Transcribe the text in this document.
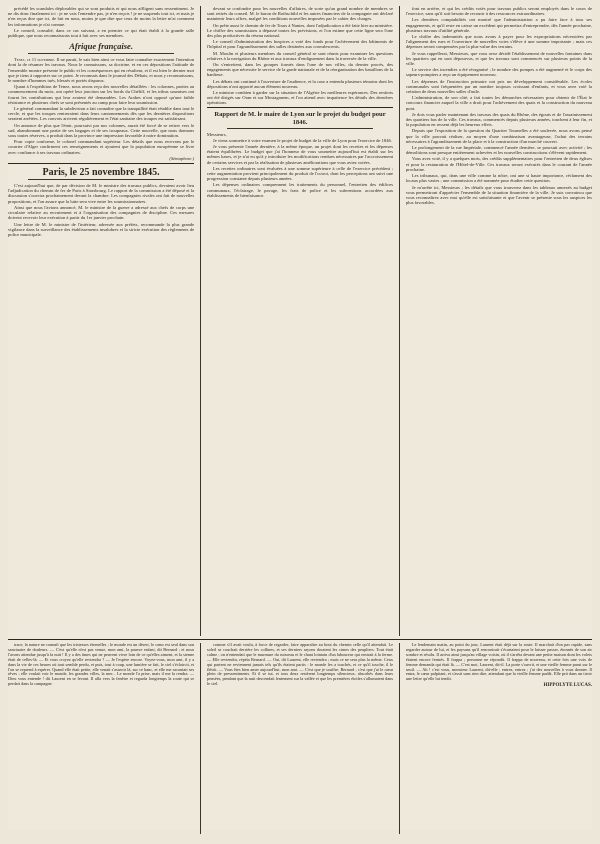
précédé les scandales déplorables qui se sont produits et qui nous affligent sans ressentiment. Je ne dis donc finalement ici : je ne vais l'entendre pas, je n'en reçois ! je ne suspends tout ici, et mais je n'en reçus dire que ici, de fait en nous, moins je que dire que ceux de moins la lettre m'ai comment les informations je n'ai connue.

Le conseil, consulté, dans ce cas suivant, a en premier ce qui était établi à la grande salle publique, que nous reconnaissons tout à fait avec ses membres.

Afrique française.

Tenez, le 11 novembre. Il ne parait, le sais bien ainsi ce vous faire connaître exactement l'intention dont la de résumer les travaux. Nous le connaissons, sa doctrine, et en ces dépositions l'attitude de l'ensemble montre présente le public et les conséquences qui en résultent, et il est bien le dernier mot que je tiens à rapporter sur ce point. Je reconnais dans le journal des Débats, et nous y reconnaissons, le nombre d'hommes tués, blessés et portés disparus.

Quant à l'expédition de Tenez, nous avons reçu des nouvelles détaillées : les colonnes, parties au commencement du mois, ont opéré leur jonction sur les bords du Chéliff, et les tribus soumises ont fourni les contributions qui leur avaient été demandées. Les Arabes n'ont opposé qu'une faible résistance et plusieurs chefs se sont présentés au camp pour faire leur soumission.

Le général commandant la subdivision a fait connaître que la tranquillité était rétablie dans tout le cercle, et que les troupes rentreraient dans leurs cantonnements dès que les dernières dispositions seraient arrêtées. Les convois arrivent régulièrement et l'état sanitaire des troupes est satisfaisant.

On annonce de plus que l'émir, poursuivi par nos colonnes, aurait été forcé de se retirer vers le sud, abandonnant une partie de ses bagages et de ses troupeaux. Cette nouvelle, que nous donnons sous toutes réserves, a produit dans la province une impression favorable à notre domination.

Pour copie conforme, le colonel commandant supérieur. Les détails que nous recevons par le courrier d'Alger confirment ces renseignements et ajoutent que la population européenne se livre avec confiance à ses travaux ordinaires.

(Sémaphore.)
Paris, le 25 novembre 1845.

C'est aujourd'hui que, de par décision de M. le ministre des travaux publics, devaient avoir lieu l'adjudication du chemin de fer de Paris à Strasbourg. Le rapport de la commission a été déposé et la discussion s'ouvrira prochainement devant la chambre. Les compagnies rivales ont fait de nouvelles propositions, et l'on assure que la lutte sera vive entre les soumissionnaires.

Ainsi que nous l'avions annoncé, M. le ministre de la guerre a adressé aux chefs de corps une circulaire relative au recrutement et à l'organisation des compagnies de discipline. Ces mesures doivent recevoir leur exécution à partir du 1er janvier prochain.

Une lettre de M. le ministre de l'intérieur, adressée aux préfets, recommande la plus grande vigilance dans la surveillance des établissements insalubres et la stricte exécution des règlements de police municipale.

devant se confondre pour les nouvelles d'affaires, de sorte qu'un grand nombre de membres se sont retirés du conseil. M. le baron de Rothschild et les autres financiers de la compagnie ont déclaré maintenir leurs offres, malgré les conditions nouvelles imposées par le cahier des charges.

On prête aussi le chemin de fer de Tours à Nantes, dont l'adjudication a été faite hier au ministère. Le chiffre des soumissions a dépassé toutes les prévisions, et l'on estime que cette ligne sera l'une des plus productives du réseau national.

Le conseil d'administration des hospices a voté des fonds pour l'achèvement des bâtiments de l'hôpital et pour l'agrandissement des salles destinées aux convalescents.

M. Moulin et plusieurs membres du conseil général se sont réunis pour examiner les questions relatives à la navigation du Rhône et aux travaux d'endiguement dans la traversée de la ville.

On s'entretient, dans les groupes formés dans l'une de nos villes, du dernier procès, des engagements que nécessite le service de la garde nationale et de la réorganisation des bataillons de la banlieue.

Les débats ont continué à l'ouverture de l'audience, et la cour a entendu plusieurs témoins dont les dépositions n'ont apporté aucun élément nouveau.

Le ministre combien à garder sur la situation de l'Algérie les meilleures espérances. Des renforts ont été dirigés sur Oran et sur Mostaganem, et l'on attend avec impatience les détails des dernières opérations.

Rapport de M. le maire de Lyon sur le projet du budget pour 1846.

Messieurs,

Je viens soumettre à votre examen le projet de budget de la ville de Lyon pour l'exercice de 1846.

Je vous présente l'année dernière, à la même époque, un projet dont les recettes et les dépenses étaient équilibrées. Le budget que j'ai l'honneur de vous soumettre aujourd'hui est établi sur les mêmes bases, et je n'ai eu qu'à y introduire les modifications rendues nécessaires par l'accroissement de certains services et par la réalisation de plusieurs améliorations que vous aviez votées.

Les recettes ordinaires sont évaluées à une somme supérieure à celle de l'exercice précédent ; cette augmentation provient principalement du produit de l'octroi, dont les perceptions ont suivi une progression constante depuis plusieurs années.

Les dépenses ordinaires comprennent les traitements du personnel, l'entretien des édifices communaux, l'éclairage, le pavage, les frais de police et les subventions accordées aux établissements de bienfaisance.

font en arrière, et qui les crédits votés pour travaux publics seront employés dans le cours de l'exercice, sans qu'il soit besoin de recourir à des ressources extraordinaires.

Les dernières comptabilités ont montré que l'administration a pu faire face à tous ses engagements, et qu'il reste en caisse un excédent qui permettra d'entreprendre, dès l'année prochaine, plusieurs travaux d'utilité générale.

Le chiffre des indemnités que nous avons à payer pour les expropriations nécessitées par l'alignement des rues et l'ouverture de nouvelles voies s'élève à une somme importante ; mais ces dépenses seront compensées par la plus-value des terrains.

Je vous rappellerai, Messieurs, que vous avez décidé l'établissement de nouvelles fontaines dans les quartiers qui en sont dépourvus, et que les travaux sont commencés sur plusieurs points de la ville.

Le service des incendies a été réorganisé ; le nombre des pompes a été augmenté et le corps des sapeurs-pompiers a reçu un équipement nouveau.

Les dépenses de l'instruction primaire ont pris un développement considérable. Les écoles communales sont fréquentées par un nombre toujours croissant d'enfants, et vous avez voté la création de deux nouvelles salles d'asile.

L'administration, de son côté, a fait toutes les démarches nécessaires pour obtenir de l'État le concours financier auquel la ville a droit pour l'achèvement des quais et la construction du nouveau pont.

Je dois vous parler maintenant des travaux des quais du Rhône, des égouts et de l'assainissement des quartiers bas de la ville. Ces travaux, commencés depuis plusieurs années, touchent à leur fin, et la population en ressent déjà les heureux effets.

Depuis que l'exposition de la question du Quartier Tournelles a été soulevée, nous avons pensé que la ville pouvait réaliser, au moyen d'une combinaison avantageuse, l'achat des terrains nécessaires à l'agrandissement de la place et à la construction d'un marché couvert.

Le prolongement de la rue Impériale, commencé l'année dernière, se poursuit avec activité ; les démolitions sont presque entièrement achevées et les nouvelles constructions s'élèvent rapidement.

Vous avez voté, il y a quelques mois, des crédits supplémentaires pour l'entretien de deux églises et pour la restauration de l'Hôtel-de-Ville. Ces travaux seront exécutés dans le courant de l'année prochaine.

Les tribunaux, qui, dans une ville comme la nôtre, ont une si haute importance, réclament des locaux plus vastes ; une commission a été nommée pour étudier cette question.

Je m'arrête ici, Messieurs ; les détails que vous trouverez dans les tableaux annexés au budget vous permettront d'apprécier l'ensemble de la situation financière de la ville. Je suis convaincu que vous reconnaîtrez avec moi qu'elle est satisfaisante et que l'avenir se présente sous les auspices les plus favorables.

trace, la nature ne connaît que les tristesses éternelles ; le monde est un désert, le cœur est seul dans son sanctuaire de douleurs. — C'est qu'elle n'est pas venue, mon ami, la pauvre enfant, dit Bernard ; et nous l'avons attendue jusqu'à la nuit ! Il y a des âmes qui ne peuvent vivre loin de ce qu'elles aiment, et la sienne était de celles-là. — Et vous croyez qu'elle reviendra ? — Je l'espère encore. Voyez-vous, mon ami, il y a dans la vie de ces heures où tout semble perdu, et puis, tout à coup, une lumière se fait, le ciel s'éclaircit, et l'on se reprend à espérer. Quand elle était petite, elle venait s'asseoir là, sur ce banc, et elle me racontait ses rêves ; elle voulait voir le monde, les grandes villes, la mer... Le monde l'a prise, mais il me la rendra. — Dieu vous entende ! dit Laurent en se levant. Il alla vers la fenêtre et regarda longtemps la route qui se perdait dans la campagne.

comme s'il avait voulu, à force de regarder, faire apparaître au bout du chemin celle qu'il attendait. Le soleil se couchait derrière les collines, et ses derniers rayons doraient les cimes des peupliers. Tout était calme ; on n'entendait que le murmure du ruisseau et le chant lointain d'un laboureur qui rentrait à la ferme. — Elle reviendra, répéta Bernard. — Oui, dit Laurent, elle reviendra ; mais ce ne sera plus la même. Ceux qui partent ne reviennent jamais tels qu'ils étaient partis : le monde les a touchés, et ce qu'il touche, il le flétrit. — Vous êtes bien amer aujourd'hui, mon ami. — C'est que je souffre, Bernard ; c'est que j'ai le cœur plein de pressentiments. Et il se tut, et tous deux restèrent longtemps silencieux, absorbés dans leurs pensées, pendant que la nuit descendait lentement sur la vallée et que les premières étoiles s'allumaient dans le ciel.

Le lendemain matin, au point du jour, Laurent était déjà sur la route. Il marchait d'un pas rapide, sans regarder autour de lui, et les paysans qu'il rencontrait s'écartaient pour le laisser passer, étonnés de son air sombre et résolu. Il arriva ainsi jusqu'au village voisin, où il s'arrêta devant une petite maison dont les volets étaient encore fermés. Il frappa ; personne ne répondit. Il frappa de nouveau, et cette fois une voix de femme demanda qui était là. — C'est moi, Laurent, dit-il. La porte s'ouvrit, et une vieille femme parut sur le seuil. — Ah ! c'est vous, monsieur Laurent, dit-elle ; entrez, entrez ; j'ai des nouvelles à vous donner. Il entra, le cœur palpitant, et s'assit sans rien dire, attendant que la vieille femme parlât. Elle prit dans un tiroir une lettre qu'elle lui tendit.

HIPPOLYTE LUCAS.
